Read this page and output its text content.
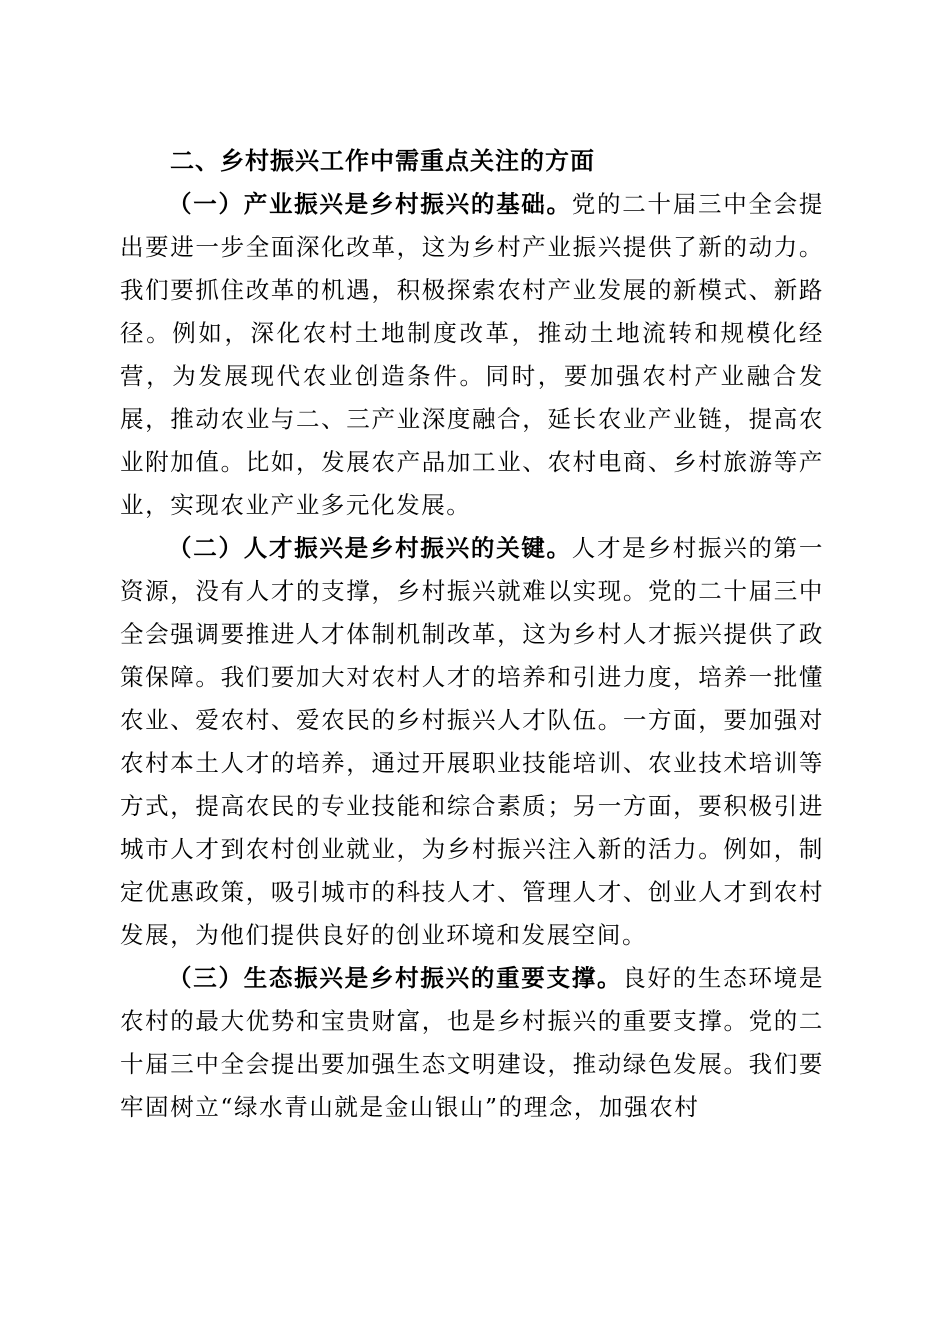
二、乡村振兴工作中需重点关注的方面

（一）产业振兴是乡村振兴的基础。党的二十届三中全会提出要进一步全面深化改革，这为乡村产业振兴提供了新的动力。我们要抓住改革的机遇，积极探索农村产业发展的新模式、新路径。例如，深化农村土地制度改革，推动土地流转和规模化经营，为发展现代农业创造条件。同时，要加强农村产业融合发展，推动农业与二、三产业深度融合，延长农业产业链，提高农业附加值。比如，发展农产品加工业、农村电商、乡村旅游等产业，实现农业产业多元化发展。

（二）人才振兴是乡村振兴的关键。人才是乡村振兴的第一资源，没有人才的支撑，乡村振兴就难以实现。党的二十届三中全会强调要推进人才体制机制改革，这为乡村人才振兴提供了政策保障。我们要加大对农村人才的培养和引进力度，培养一批懂农业、爱农村、爱农民的乡村振兴人才队伍。一方面，要加强对农村本土人才的培养，通过开展职业技能培训、农业技术培训等方式，提高农民的专业技能和综合素质；另一方面，要积极引进城市人才到农村创业就业，为乡村振兴注入新的活力。例如，制定优惠政策，吸引城市的科技人才、管理人才、创业人才到农村发展，为他们提供良好的创业环境和发展空间。

（三）生态振兴是乡村振兴的重要支撑。良好的生态环境是农村的最大优势和宝贵财富，也是乡村振兴的重要支撑。党的二十届三中全会提出要加强生态文明建设，推动绿色发展。我们要牢固树立“绿水青山就是金山银山”的理念，加强农村
